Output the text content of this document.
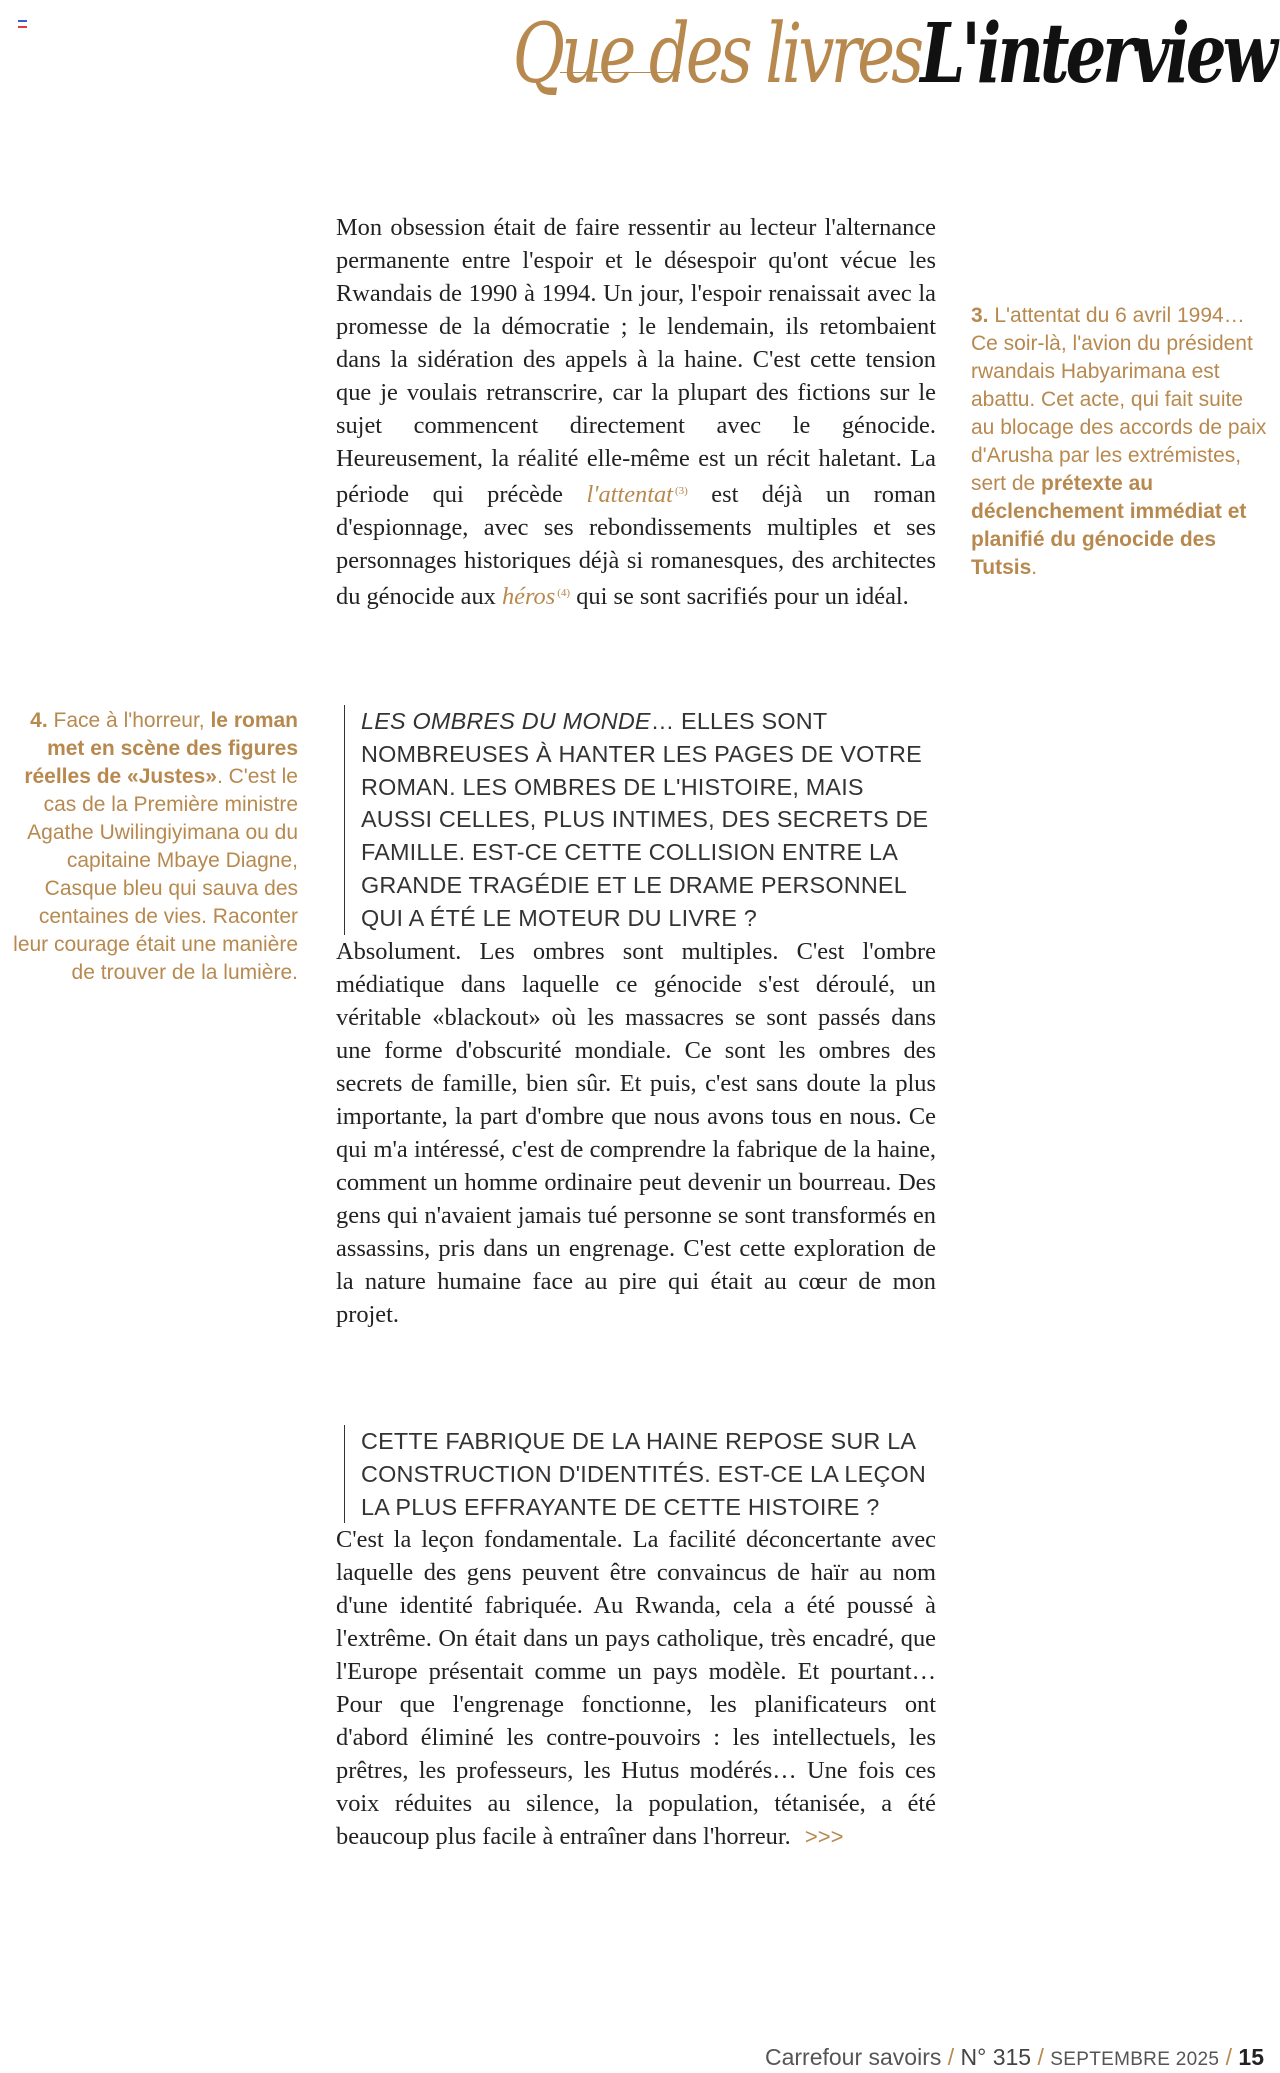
Que des livres L'interview

Mon obsession était de faire ressentir au lecteur l'alternance permanente entre l'espoir et le désespoir qu'ont vécue les Rwandais de 1990 à 1994. Un jour, l'espoir renaissait avec la promesse de la démocratie ; le lendemain, ils retombaient dans la sidération des appels à la haine. C'est cette tension que je voulais retranscrire, car la plupart des fictions sur le sujet commencent directement avec le génocide. Heureusement, la réalité elle-même est un récit haletant. La période qui précède l'attentat $^{(3)}$ est déjà un roman d'espionnage, avec ses rebondissements multiples et ses personnages historiques déjà si romanesques, des architectes du génocide aux héros $^{(4)}$ qui se sont sacrifiés pour un idéal.

LES OMBRES DU MONDE… ELLES SONT NOMBREUSES À HANTER LES PAGES DE VOTRE ROMAN. LES OMBRES DE L'HISTOIRE, MAIS AUSSI CELLES, PLUS INTIMES, DES SECRETS DE FAMILLE. EST-CE CETTE COLLISION ENTRE LA GRANDE TRAGÉDIE ET LE DRAME PERSONNEL QUI A ÉTÉ LE MOTEUR DU LIVRE ?

Absolument. Les ombres sont multiples. C'est l'ombre médiatique dans laquelle ce génocide s'est déroulé, un véritable «blackout» où les massacres se sont passés dans une forme d'obscurité mondiale. Ce sont les ombres des secrets de famille, bien sûr. Et puis, c'est sans doute la plus importante, la part d'ombre que nous avons tous en nous. Ce qui m'a intéressé, c'est de comprendre la fabrique de la haine, comment un homme ordinaire peut devenir un bourreau. Des gens qui n'avaient jamais tué personne se sont transformés en assassins, pris dans un engrenage. C'est cette exploration de la nature humaine face au pire qui était au cœur de mon projet.

CETTE FABRIQUE DE LA HAINE REPOSE SUR LA CONSTRUCTION D'IDENTITÉS. EST-CE LA LEÇON LA PLUS EFFRAYANTE DE CETTE HISTOIRE ?

C'est la leçon fondamentale. La facilité déconcertante avec laquelle des gens peuvent être convaincus de haïr au nom d'une identité fabriquée. Au Rwanda, cela a été poussé à l'extrême. On était dans un pays catholique, très encadré, que l'Europe présentait comme un pays modèle. Et pourtant… Pour que l'engrenage fonctionne, les planificateurs ont d'abord éliminé les contre-pouvoirs : les intellectuels, les prêtres, les professeurs, les Hutus modérés… Une fois ces voix réduites au silence, la population, tétanisée, a été beaucoup plus facile à entraîner dans l'horreur. >>>

3. L'attentat du 6 avril 1994… Ce soir-là, l'avion du président rwandais Habyarimana est abattu. Cet acte, qui fait suite au blocage des accords de paix d'Arusha par les extrémistes, sert de prétexte au déclenchement immédiat et planifié du génocide des Tutsis.
4. Face à l'horreur, le roman met en scène des figures réelles de «Justes». C'est le cas de la Première ministre Agathe Uwilingiyimana ou du capitaine Mbaye Diagne, Casque bleu qui sauva des centaines de vies. Raconter leur courage était une manière de trouver de la lumière.
Carrefour savoirs / N° 315 / SEPTEMBRE 2025 / 15
